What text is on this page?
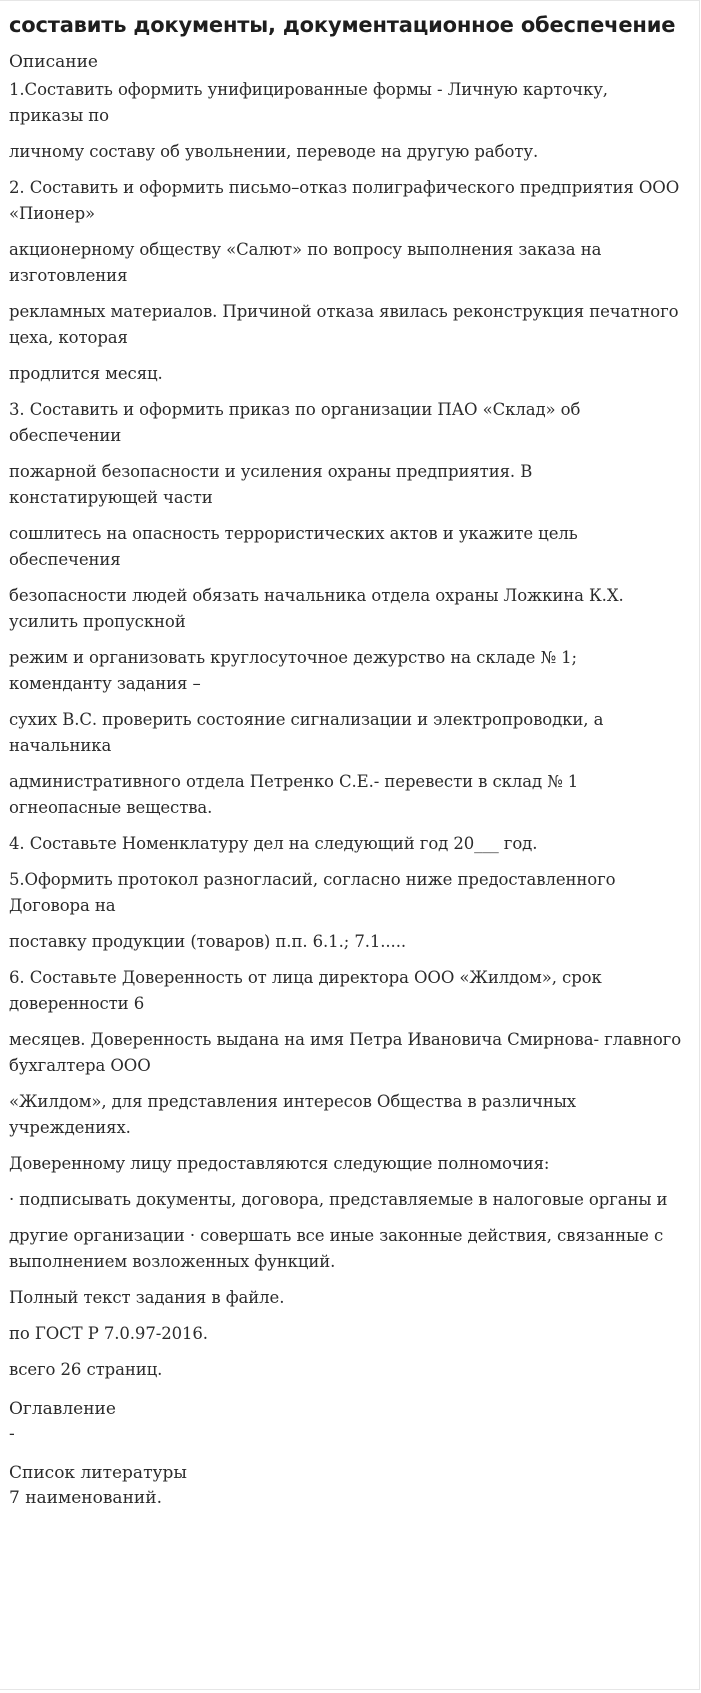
составить документы, документационное обеспечение
Описание

1.Составить оформить унифицированные формы - Личную карточку, приказы по

личному составу об увольнении, переводе на другую работу.

2. Составить и оформить письмо–отказ полиграфического предприятия ООО «Пионер»

акционерному обществу «Салют» по вопросу выполнения заказа на изготовления

рекламных материалов. Причиной отказа явилась реконструкция печатного цеха, которая

продлится месяц.

3. Составить и оформить приказ по организации ПАО «Склад» об обеспечении

пожарной безопасности и усиления охраны предприятия. В констатирующей части

сошлитесь на опасность террористических актов и укажите цель обеспечения

безопасности людей обязать начальника отдела охраны Ложкина К.Х. усилить пропускной

режим и организовать круглосуточное дежурство на складе № 1; коменданту задания –

сухих В.С. проверить состояние сигнализации и электропроводки, а начальника

административного отдела Петренко С.Е.- перевести в склад № 1 огнеопасные вещества.

4. Составьте Номенклатуру дел на следующий год 20___ год.

5.Оформить протокол разногласий, согласно ниже предоставленного Договора на

поставку продукции (товаров) п.п. 6.1.; 7.1.....

6. Составьте Доверенность от лица директора ООО «Жилдом», срок доверенности 6

месяцев. Доверенность выдана на имя Петра Ивановича Смирнова- главного бухгалтера ООО

«Жилдом», для представления интересов Общества в различных учреждениях.

Доверенному лицу предоставляются следующие полномочия:

· подписывать документы, договора, представляемые в налоговые органы и

другие организации · совершать все иные законные действия, связанные с выполнением возложенных функций.

Полный текст задания в файле.

по ГОСТ Р 7.0.97-2016.

всего 26 страниц.

Оглавление
-
Список литературы
7 наименований.
